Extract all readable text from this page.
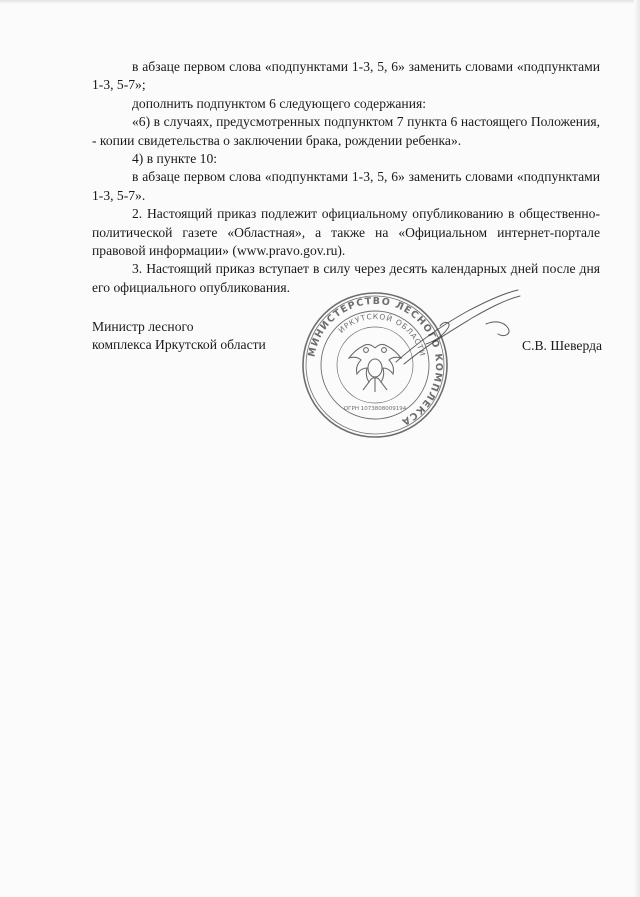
в абзаце первом слова «подпунктами 1-3, 5, 6» заменить словами «подпунктами 1-3, 5-7»;

дополнить подпунктом 6 следующего содержания:

«6) в случаях, предусмотренных подпунктом 7 пункта 6 настоящего Положения, - копии свидетельства о заключении брака, рождении ребенка».

4) в пункте 10:

в абзаце первом слова «подпунктами 1-3, 5, 6» заменить словами «подпунктами 1-3, 5-7».

2. Настоящий приказ подлежит официальному опубликованию в общественно-политической газете «Областная», а также на «Официальном интернет-портале правовой информации» (www.pravo.gov.ru).

3. Настоящий приказ вступает в силу через десять календарных дней после дня его официального опубликования.

Министр лесного
комплекса Иркутской области	С.В. Шеверда
МИНИСТЕРСТВО ЛЕСНОГО КОМПЛЕКСА
ИРКУТСКОЙ ОБЛАСТИ
ОГРН 1073808009194
